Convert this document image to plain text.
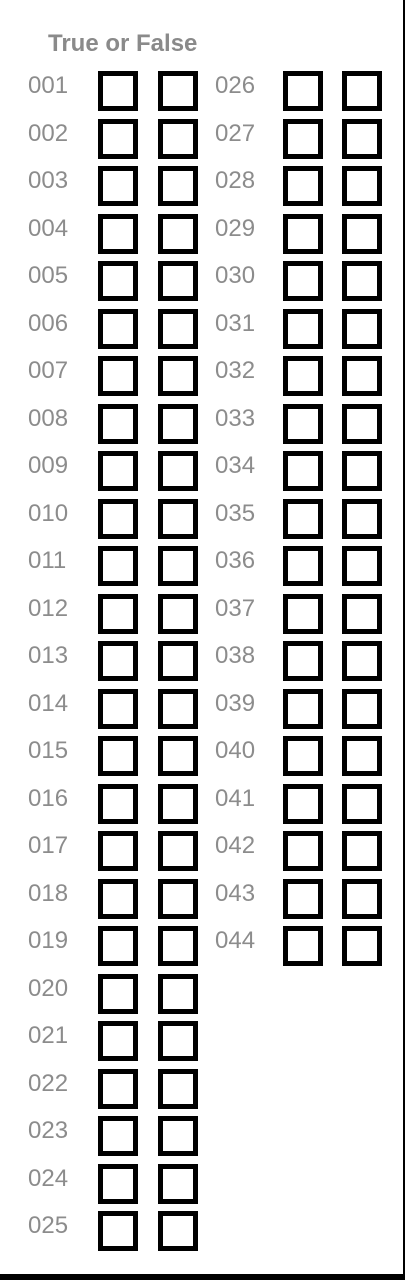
True or False
001
002
003
004
005
006
007
008
009
010
011
012
013
014
015
016
017
018
019
020
021
022
023
024
025
026
027
028
029
030
031
032
033
034
035
036
037
038
039
040
041
042
043
044
